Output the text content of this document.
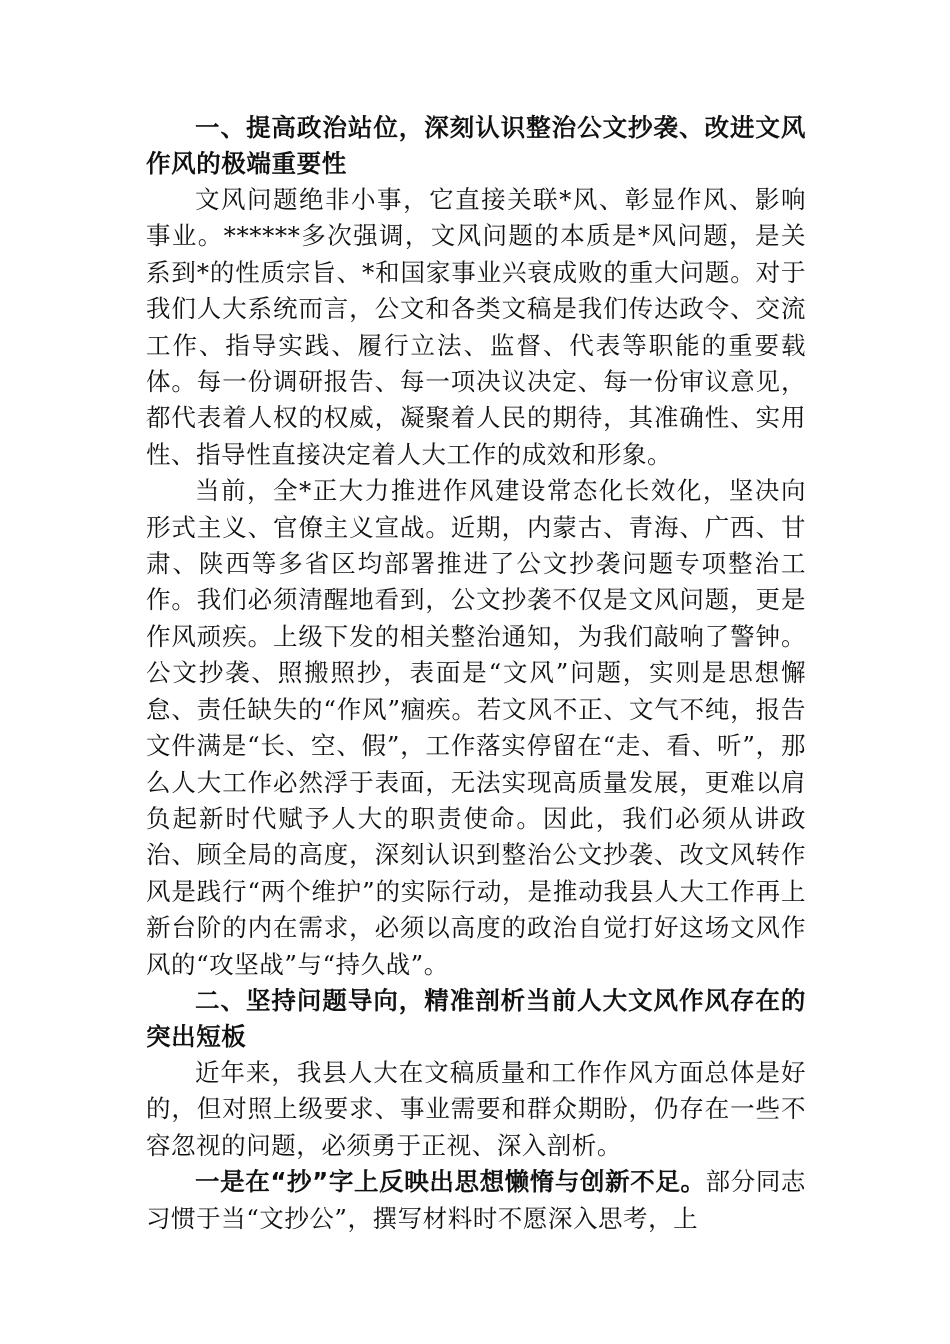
一、提高政治站位，深刻认识整治公文抄袭、改进文风作风的极端重要性

文风问题绝非小事，它直接关联*风、彰显作风、影响事业。******多次强调，文风问题的本质是*风问题，是关系到*的性质宗旨、*和国家事业兴衰成败的重大问题。对于我们人大系统而言，公文和各类文稿是我们传达政令、交流工作、指导实践、履行立法、监督、代表等职能的重要载体。每一份调研报告、每一项决议决定、每一份审议意见，都代表着人权的权威，凝聚着人民的期待，其准确性、实用性、指导性直接决定着人大工作的成效和形象。

当前，全*正大力推进作风建设常态化长效化，坚决向形式主义、官僚主义宣战。近期，内蒙古、青海、广西、甘肃、陕西等多省区均部署推进了公文抄袭问题专项整治工作。我们必须清醒地看到，公文抄袭不仅是文风问题，更是作风顽疾。上级下发的相关整治通知，为我们敲响了警钟。公文抄袭、照搬照抄，表面是“文风”问题，实则是思想懈怠、责任缺失的“作风”痼疾。若文风不正、文气不纯，报告文件满是“长、空、假”，工作落实停留在“走、看、听”，那么人大工作必然浮于表面，无法实现高质量发展，更难以肩负起新时代赋予人大的职责使命。因此，我们必须从讲政治、顾全局的高度，深刻认识到整治公文抄袭、改文风转作风是践行“两个维护”的实际行动，是推动我县人大工作再上新台阶的内在需求，必须以高度的政治自觉打好这场文风作风的“攻坚战”与“持久战”。

二、坚持问题导向，精准剖析当前人大文风作风存在的突出短板

近年来，我县人大在文稿质量和工作作风方面总体是好的，但对照上级要求、事业需要和群众期盼，仍存在一些不容忽视的问题，必须勇于正视、深入剖析。

一是在“抄”字上反映出思想懒惰与创新不足。部分同志习惯于当“文抄公”，撰写材料时不愿深入思考，上
